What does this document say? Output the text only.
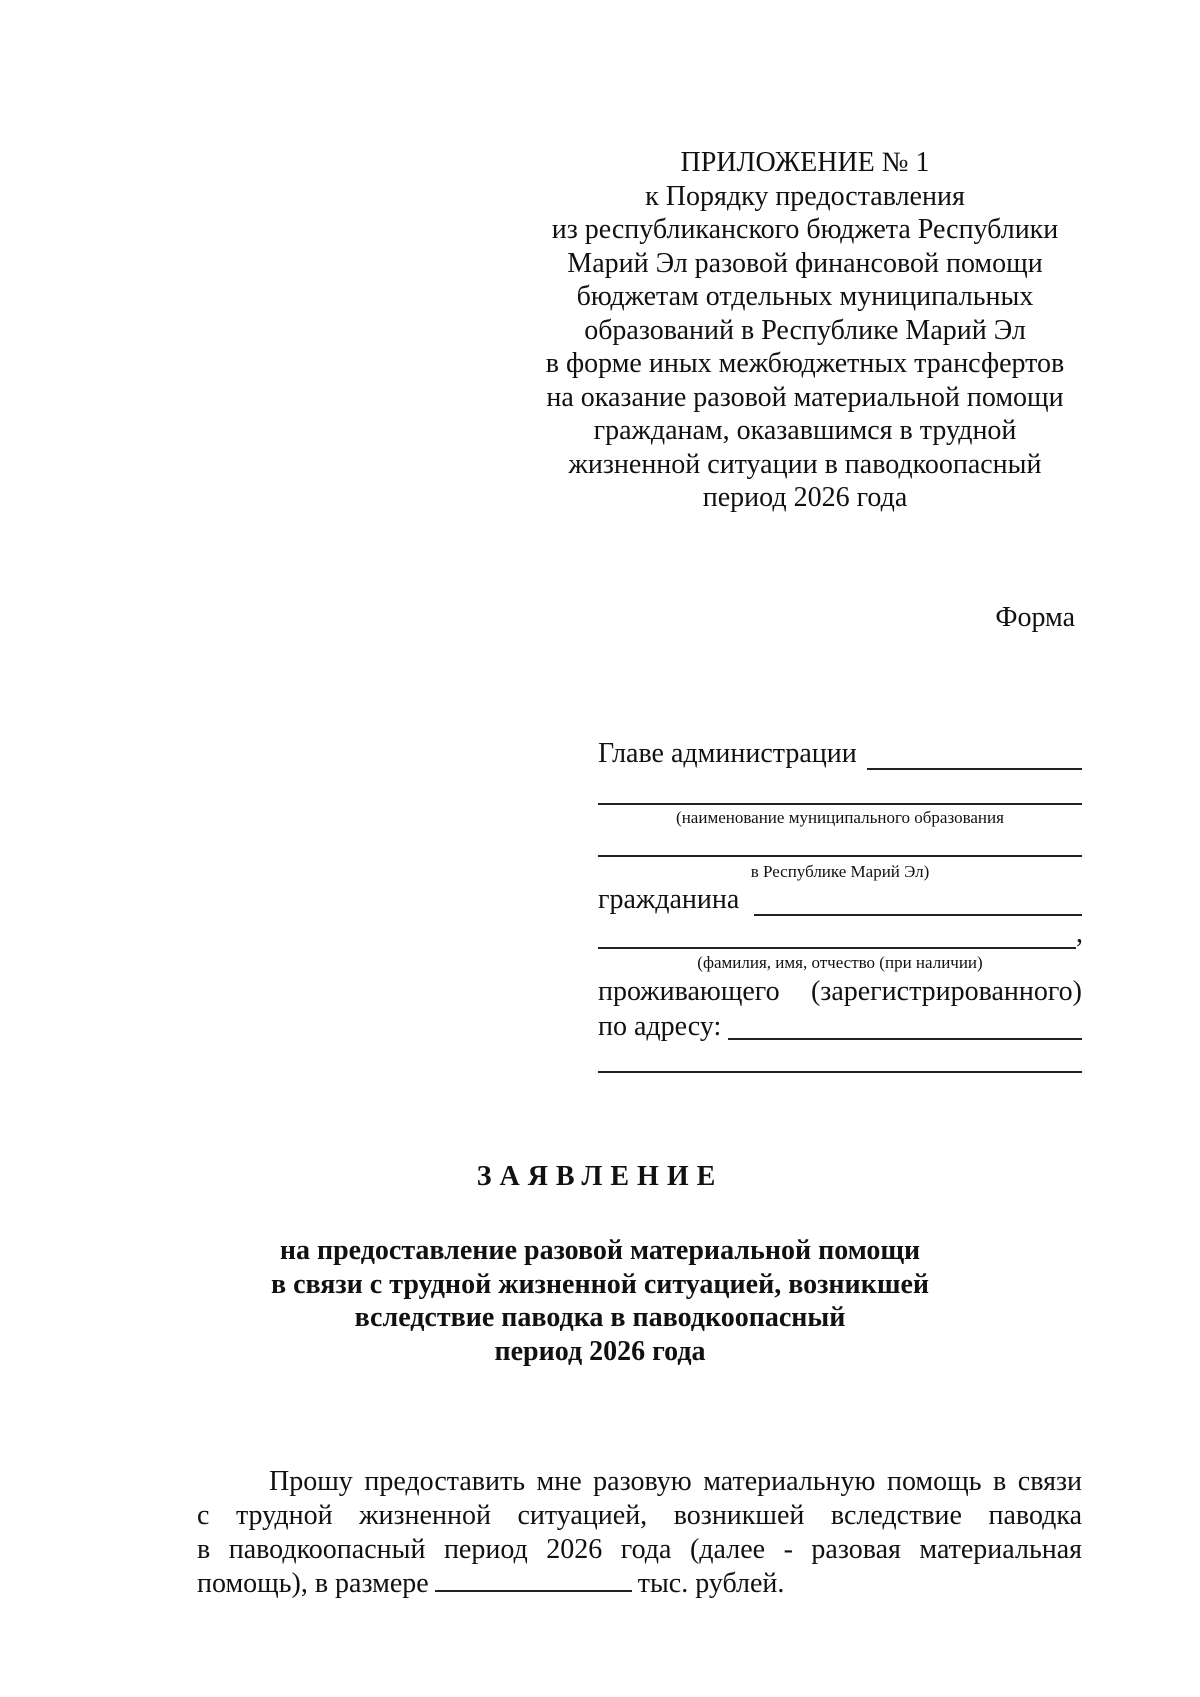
ПРИЛОЖЕНИЕ № 1
к Порядку предоставления
из республиканского бюджета Республики
Марий Эл разовой финансовой помощи
бюджетам отдельных муниципальных
образований в Республике Марий Эл
в форме иных межбюджетных трансфертов
на оказание разовой материальной помощи
гражданам, оказавшимся в трудной
жизненной ситуации в паводкоопасный
период 2026 года
Форма
Главе администрации
(наименование муниципального образования
в Республике Марий Эл)
гражданина
,
(фамилия, имя, отчество (при наличии)
проживающего (зарегистрированного)
по адресу:
ЗАЯВЛЕНИЕ
на предоставление разовой материальной помощи
в связи с трудной жизненной ситуацией, возникшей
вследствие паводка в паводкоопасный
период 2026 года
Прошу предоставить мне разовую материальную помощь в связи
с трудной жизненной ситуацией, возникшей вследствие паводка
в паводкоопасный период 2026 года (далее - разовая материальная
помощь), в размере	тыс. рублей.
